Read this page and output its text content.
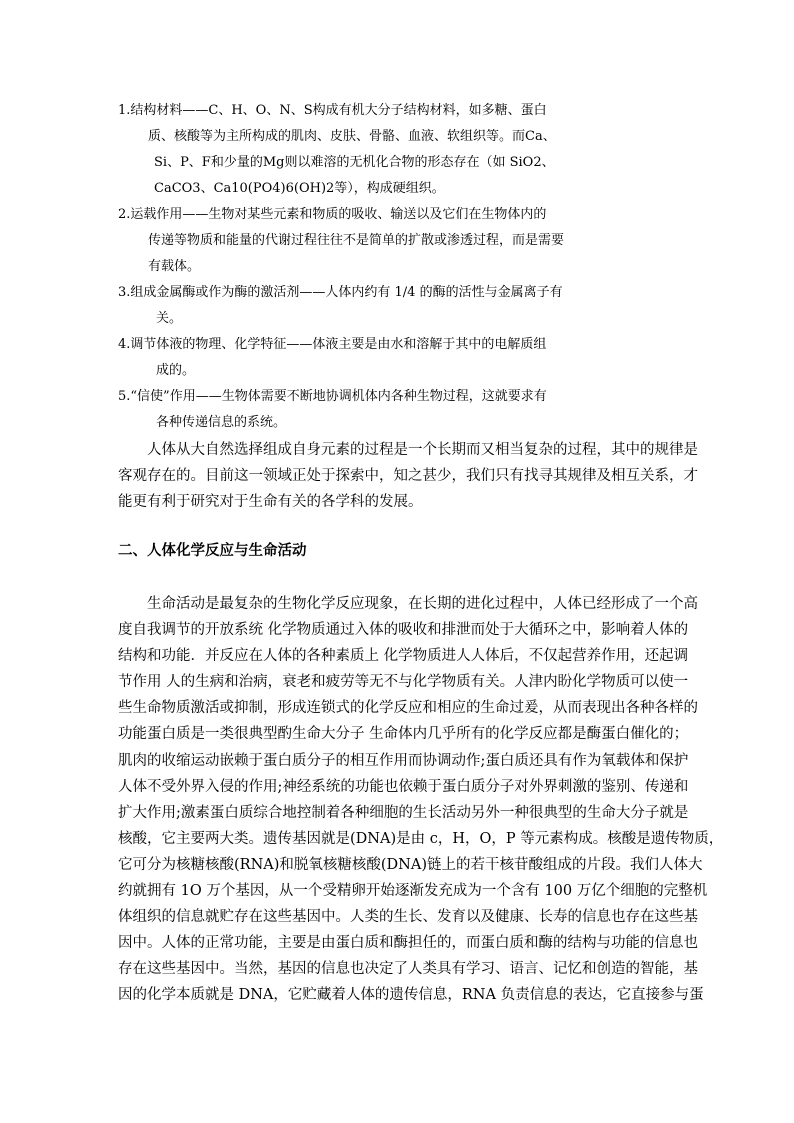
1.结构材料——C、H、O、N、S构成有机大分子结构材料，如多糖、蛋白
质、核酸等为主所构成的肌肉、皮肤、骨骼、血液、软组织等。而Ca、
Si、P、F和少量的Mg则以难溶的无机化合物的形态存在（如 SiO2、
CaCO3、Ca10(PO4)6(OH)2等），构成硬组织。
2.运载作用——生物对某些元素和物质的吸收、输送以及它们在生物体内的
传递等物质和能量的代谢过程往往不是简单的扩散或渗透过程，而是需要
有载体。
3.组成金属酶或作为酶的激活剂——人体内约有 1/4 的酶的活性与金属离子有
关。
4.调节体液的物理、化学特征——体液主要是由水和溶解于其中的电解质组
成的。
5.“信使”作用——生物体需要不断地协调机体内各种生物过程，这就要求有
各种传递信息的系统。
人体从大自然选择组成自身元素的过程是一个长期而又相当复杂的过程，其中的规律是
客观存在的。目前这一领域正处于探索中，知之甚少，我们只有找寻其规律及相互关系，才
能更有利于研究对于生命有关的各学科的发展。
二、人体化学反应与生命活动
生命活动是最复杂的生物化学反应现象，在长期的进化过程中，人体已经形成了一个高
度自我调节的开放系统 化学物质通过入体的吸收和排泄而处于大循环之中，影响着人体的
结构和功能．并反应在人体的各种素质上 化学物质进人人体后，不仅起营养作用，还起调
节作用 人的生病和治病，衰老和疲劳等无不与化学物质有关。人津内盼化学物质可以使一
些生命物质激活或抑制，形成连锁式的化学反应和相应的生命过爰，从而表现出各种各样的
功能蛋白质是一类很典型酌生命大分子 生命体内几乎所有的化学反应都是酶蛋白催化的；
肌肉的收缩运动嵌赖于蛋白质分子的相互作用而协调动作;蛋白质还具有作为氧载体和保护
人体不受外界入侵的作用;神经系统的功能也依赖于蛋白质分子对外界刺激的鉴别、传递和
扩大作用;激素蛋白质综合地控制着各种细胞的生长活动另外一种很典型的生命大分子就是
核酸，它主要两大类。遗传基因就是(DNA)是由 c，H，O，P 等元素构成。核酸是遗传物质，
它可分为核糖核酸(RNA)和脱氧核糖核酸(DNA)链上的若干核苷酸组成的片段。我们人体大
约就拥有 1O 万个基因，从一个受精卵开始逐渐发充成为一个含有 100 万亿个细胞的完整机
体组织的信息就贮存在这些基因中。人类的生长、发育以及健康、长寿的信息也存在这些基
因中。人体的正常功能，主要是由蛋白质和酶担任的，而蛋白质和酶的结构与功能的信息也
存在这些基因中。当然，基因的信息也决定了人类具有学习、语言、记忆和创造的智能，基
因的化学本质就是 DNA，它贮藏着人体的遗传信息，RNA 负责信息的表达，它直接参与蛋
